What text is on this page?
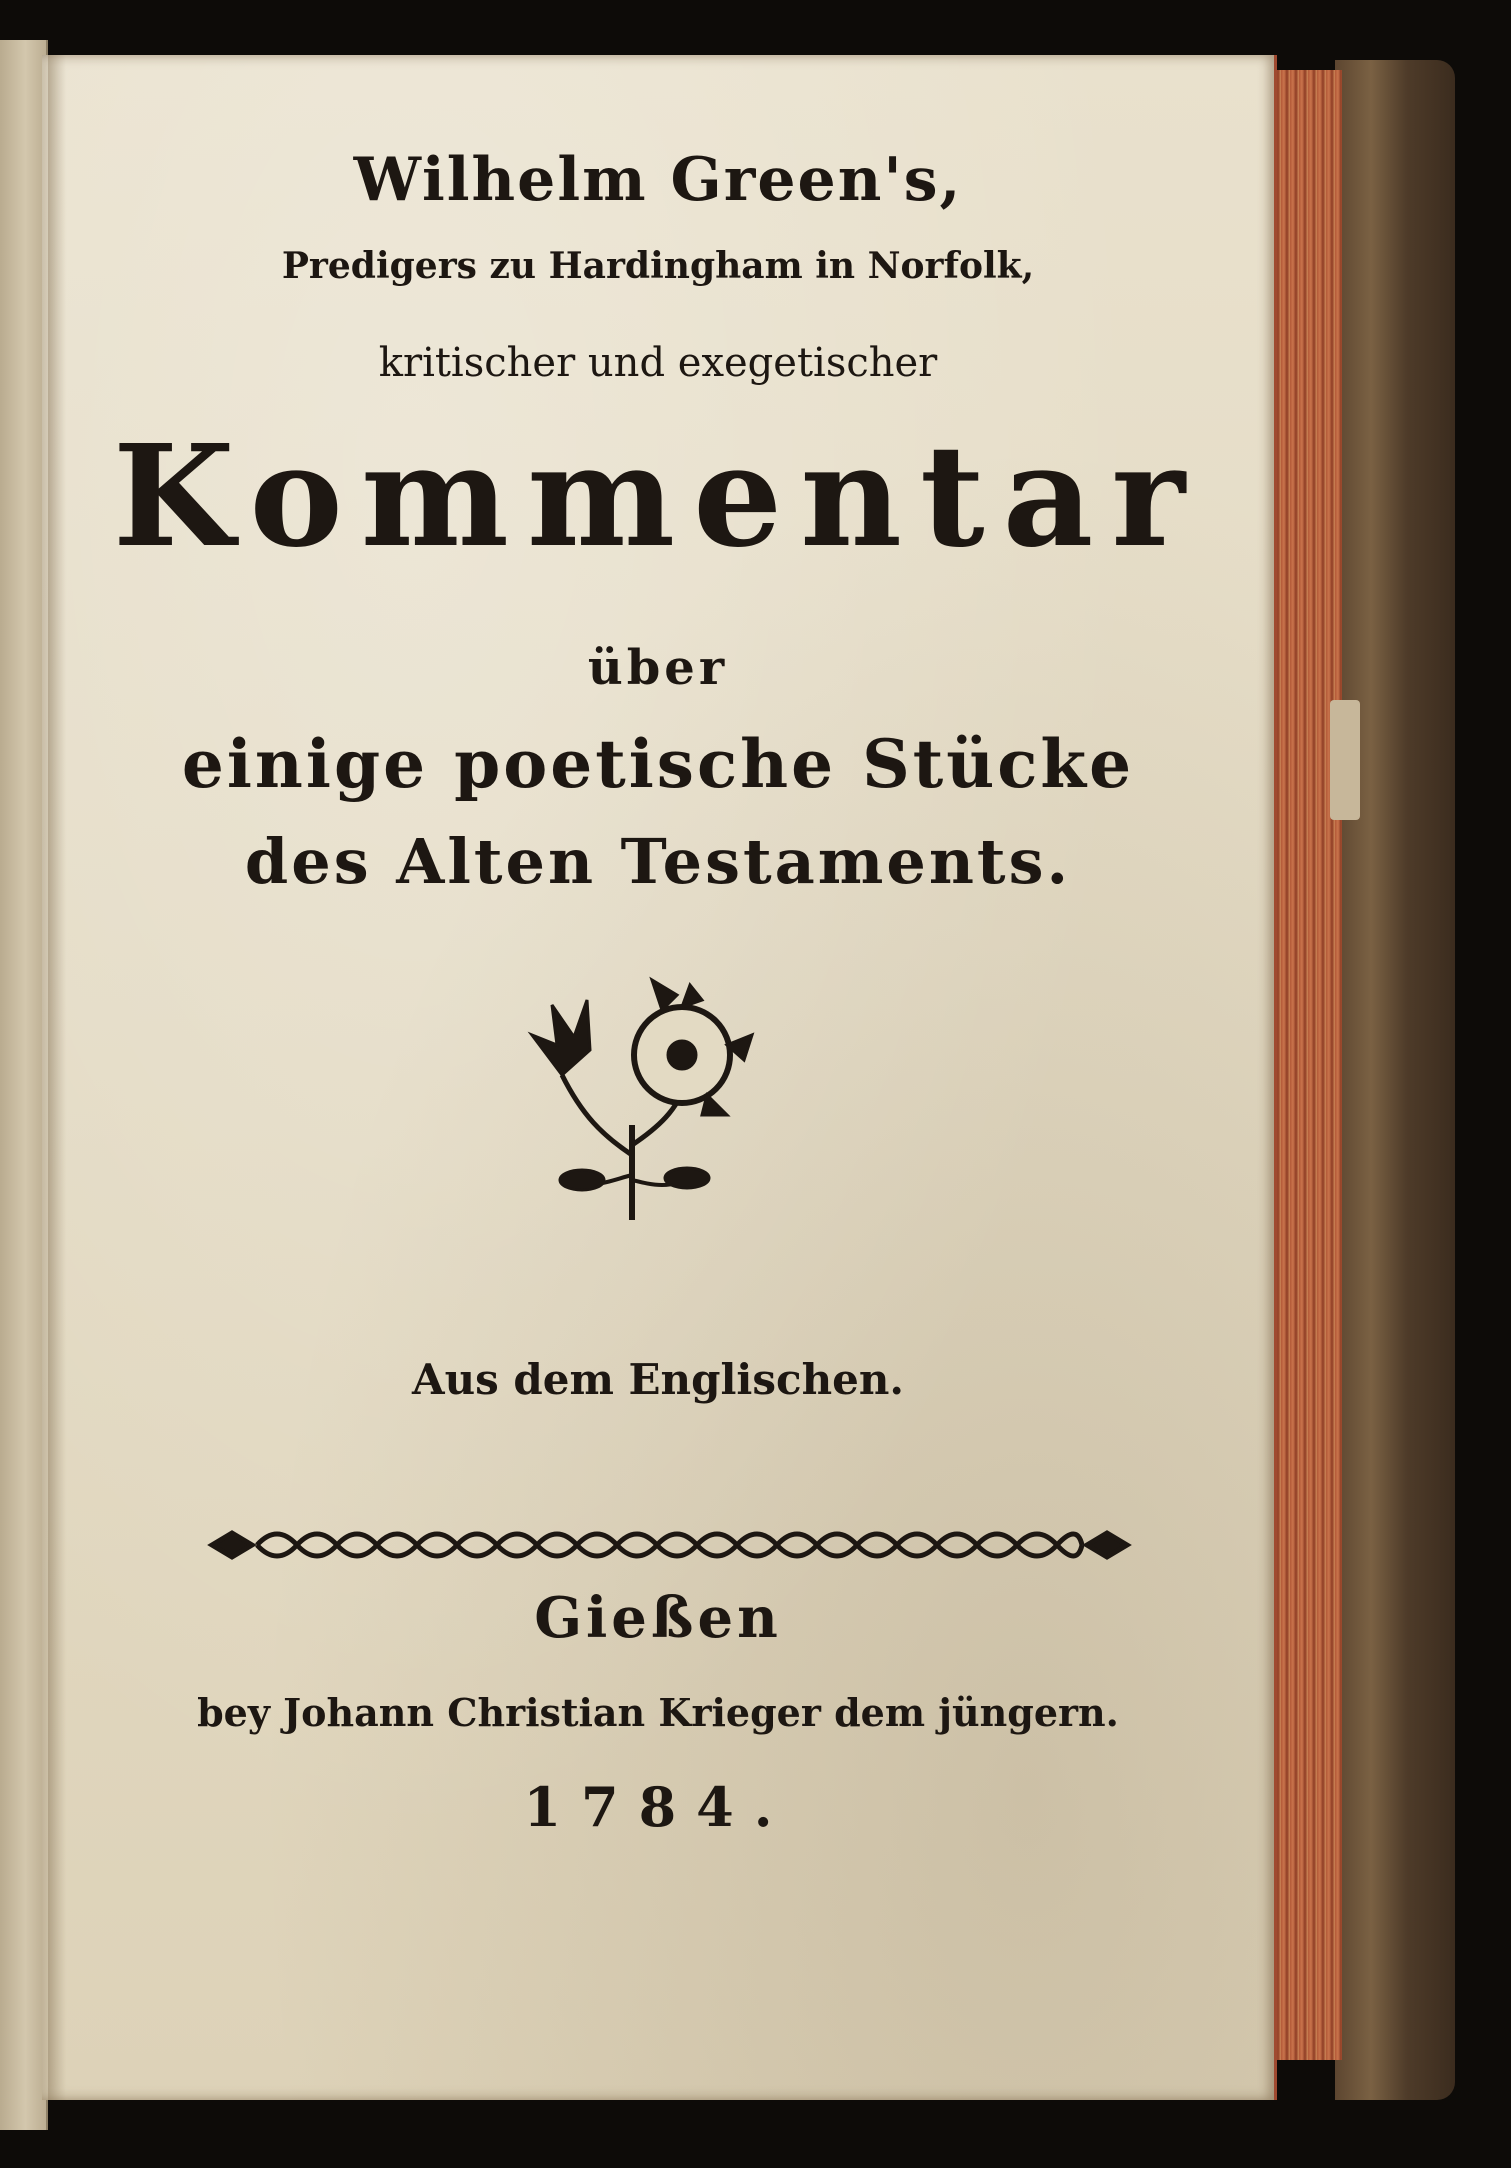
Wilhelm Green's,
Predigers zu Hardingham in Norfolk,
kritischer und exegetischer
Kommentar
über
einige poetische Stücke
des Alten Testaments.
Aus dem Englischen.
Gießen
bey Johann Christian Krieger dem jüngern.
1784.
